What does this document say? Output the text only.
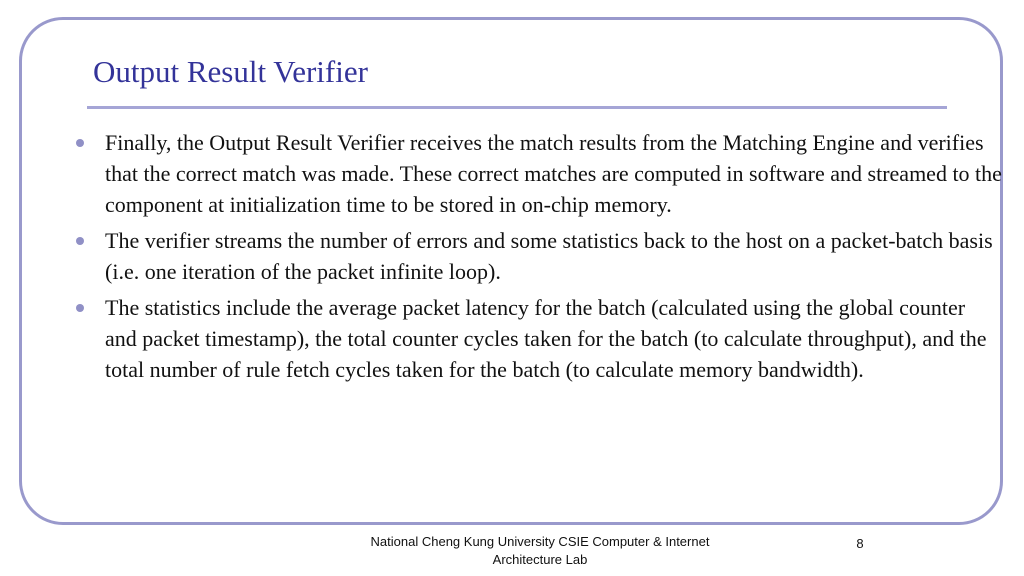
Output Result Verifier
Finally, the Output Result Verifier receives the match results from the Matching Engine and verifies that the correct match was made. These correct matches are computed in software and streamed to the component at initialization time to be stored in on-chip memory.
The verifier streams the number of errors and some statistics back to the host on a packet-batch basis (i.e. one iteration of the packet infinite loop).
The statistics include the average packet latency for the batch (calculated using the global counter and packet timestamp), the total counter cycles taken for the batch (to calculate throughput), and the total number of rule fetch cycles taken for the batch (to calculate memory bandwidth).
National Cheng Kung University CSIE Computer & Internet
Architecture Lab
8
